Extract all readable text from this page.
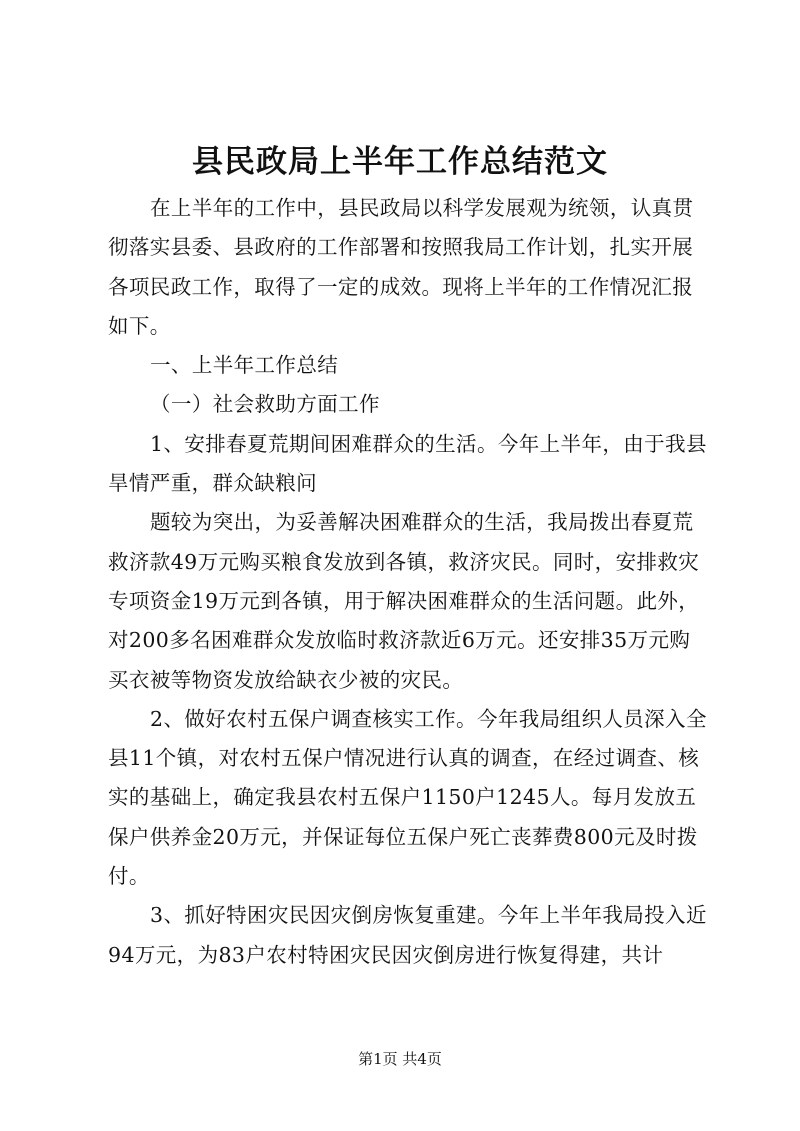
县民政局上半年工作总结范文

在上半年的工作中，县民政局以科学发展观为统领，认真贯彻落实县委、县政府的工作部署和按照我局工作计划，扎实开展各项民政工作，取得了一定的成效。现将上半年的工作情况汇报如下。

一、上半年工作总结

（一）社会救助方面工作

1、安排春夏荒期间困难群众的生活。今年上半年，由于我县旱情严重，群众缺粮问

题较为突出，为妥善解决困难群众的生活，我局拨出春夏荒救济款49万元购买粮食发放到各镇，救济灾民。同时，安排救灾专项资金19万元到各镇，用于解决困难群众的生活问题。此外，对200多名困难群众发放临时救济款近6万元。还安排35万元购买衣被等物资发放给缺衣少被的灾民。

2、做好农村五保户调查核实工作。今年我局组织人员深入全县11个镇，对农村五保户情况进行认真的调查，在经过调查、核实的基础上，确定我县农村五保户1150户1245人。每月发放五保户供养金20万元，并保证每位五保户死亡丧葬费800元及时拨付。

3、抓好特困灾民因灾倒房恢复重建。今年上半年我局投入近94万元，为83户农村特困灾民因灾倒房进行恢复得建，共计

第1页 共4页
